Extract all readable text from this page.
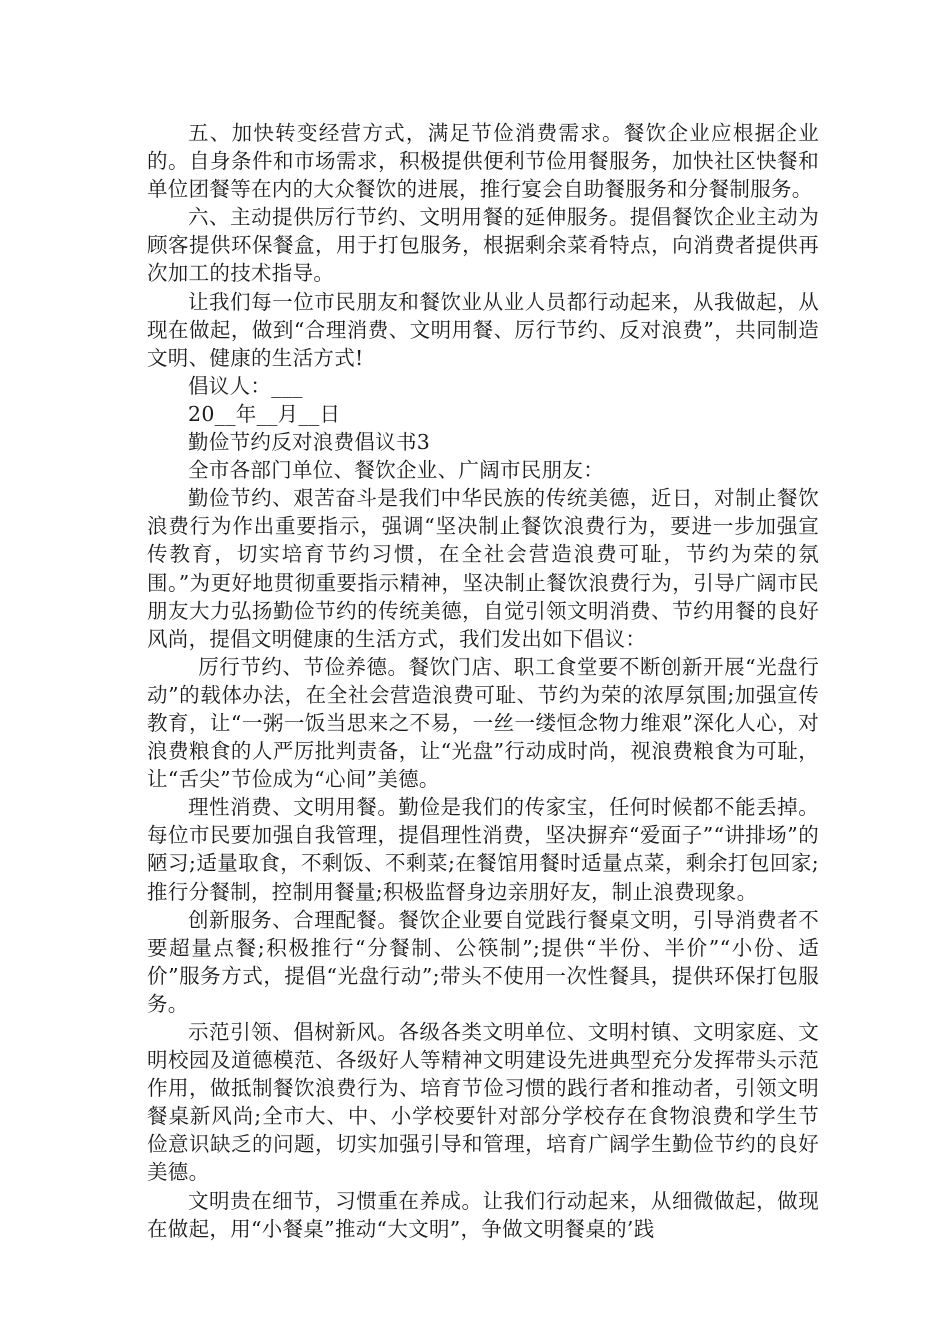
五、加快转变经营方式，满足节俭消费需求。餐饮企业应根据企业的。自身条件和市场需求，积极提供便利节俭用餐服务，加快社区快餐和单位团餐等在内的大众餐饮的进展，推行宴会自助餐服务和分餐制服务。

六、主动提供厉行节约、文明用餐的延伸服务。提倡餐饮企业主动为顾客提供环保餐盒，用于打包服务，根据剩余菜肴特点，向消费者提供再次加工的技术指导。

让我们每一位市民朋友和餐饮业从业人员都行动起来，从我做起，从现在做起，做到“合理消费、文明用餐、厉行节约、反对浪费”，共同制造文明、健康的生活方式!

倡议人：___

20__年__月__日

勤俭节约反对浪费倡议书3

全市各部门单位、餐饮企业、广阔市民朋友：

勤俭节约、艰苦奋斗是我们中华民族的传统美德，近日，对制止餐饮浪费行为作出重要指示，强调“坚决制止餐饮浪费行为，要进一步加强宣传教育，切实培育节约习惯，在全社会营造浪费可耻，节约为荣的氛围。”为更好地贯彻重要指示精神，坚决制止餐饮浪费行为，引导广阔市民朋友大力弘扬勤俭节约的传统美德，自觉引领文明消费、节约用餐的良好风尚，提倡文明健康的生活方式，我们发出如下倡议：

厉行节约、节俭养德。餐饮门店、职工食堂要不断创新开展“光盘行动”的载体办法，在全社会营造浪费可耻、节约为荣的浓厚氛围;加强宣传教育，让“一粥一饭当思来之不易，一丝一缕恒念物力维艰”深化人心，对浪费粮食的人严厉批判责备，让“光盘”行动成时尚，视浪费粮食为可耻，让“舌尖”节俭成为“心间”美德。

理性消费、文明用餐。勤俭是我们的传家宝，任何时候都不能丢掉。每位市民要加强自我管理，提倡理性消费，坚决摒弃“爱面子”“讲排场”的陋习;适量取食，不剩饭、不剩菜;在餐馆用餐时适量点菜，剩余打包回家;推行分餐制，控制用餐量;积极监督身边亲朋好友，制止浪费现象。

创新服务、合理配餐。餐饮企业要自觉践行餐桌文明，引导消费者不要超量点餐;积极推行“分餐制、公筷制”;提供“半份、半价”“小份、适价”服务方式，提倡“光盘行动”;带头不使用一次性餐具，提供环保打包服务。

示范引领、倡树新风。各级各类文明单位、文明村镇、文明家庭、文明校园及道德模范、各级好人等精神文明建设先进典型充分发挥带头示范作用，做抵制餐饮浪费行为、培育节俭习惯的践行者和推动者，引领文明餐桌新风尚;全市大、中、小学校要针对部分学校存在食物浪费和学生节俭意识缺乏的问题，切实加强引导和管理，培育广阔学生勤俭节约的良好美德。

文明贵在细节，习惯重在养成。让我们行动起来，从细微做起，做现在做起，用“小餐桌”推动“大文明”，争做文明餐桌的’践
